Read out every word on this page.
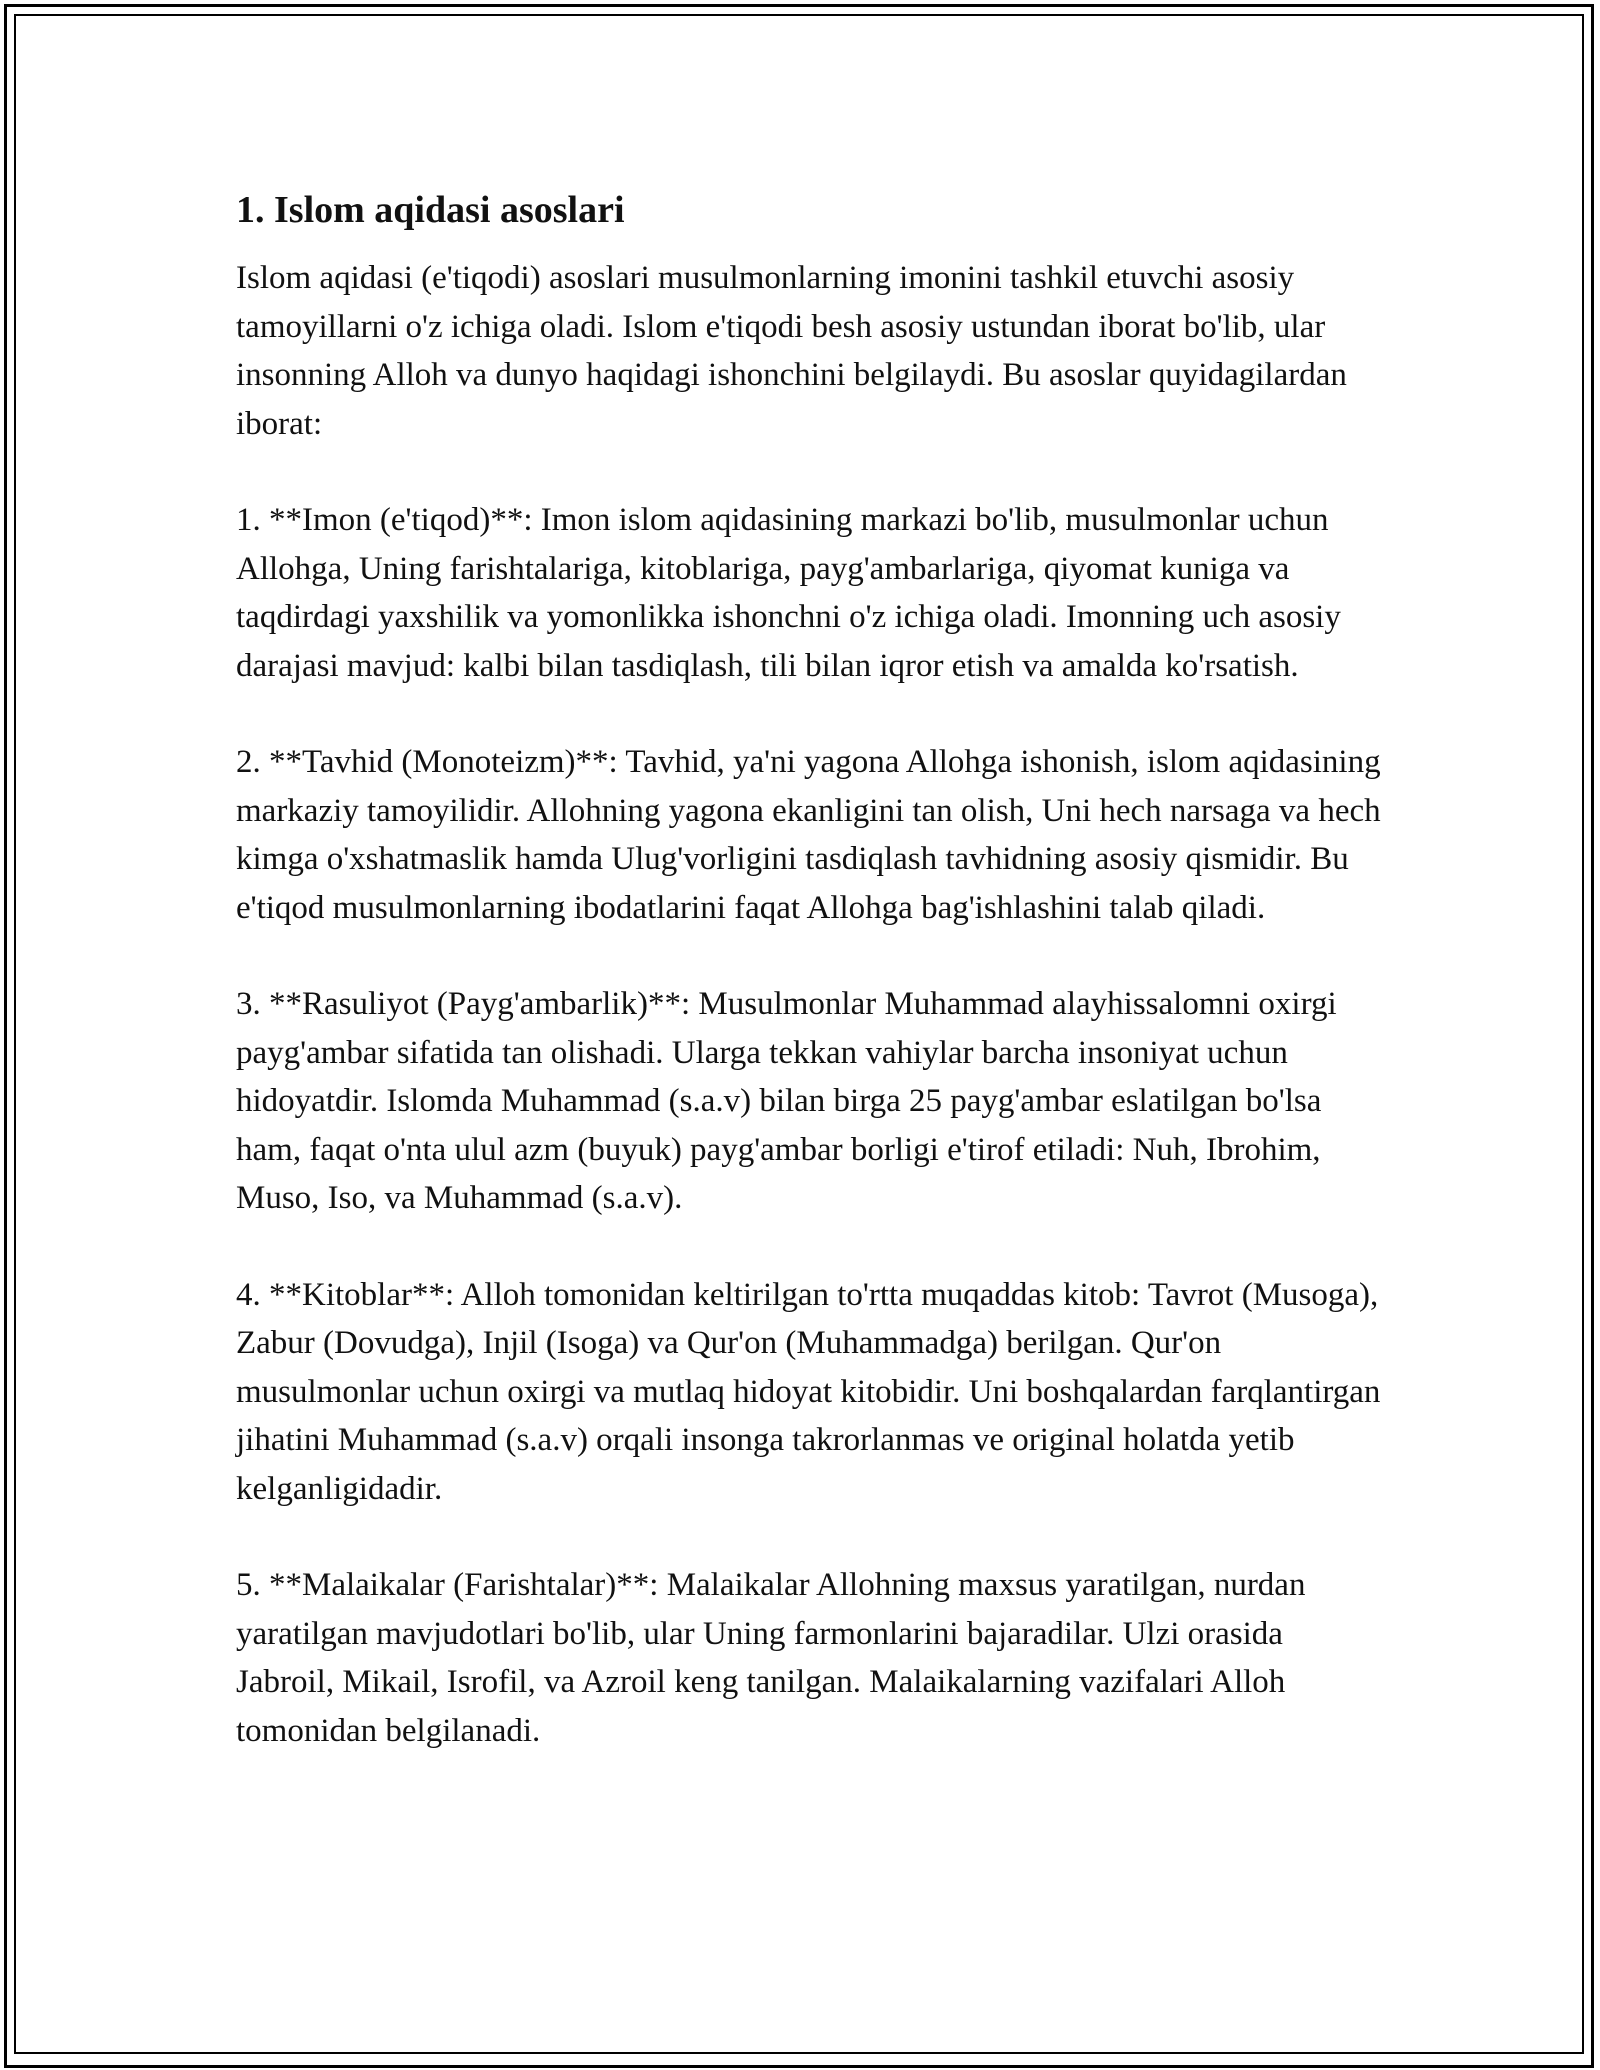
1. Islom aqidasi asoslari

Islom aqidasi (e'tiqodi) asoslari musulmonlarning imonini tashkil etuvchi asosiy tamoyillarni o'z ichiga oladi. Islom e'tiqodi besh asosiy ustundan iborat bo'lib, ular insonning Alloh va dunyo haqidagi ishonchini belgilaydi. Bu asoslar quyidagilardan iborat:

1. **Imon (e'tiqod)**: Imon islom aqidasining markazi bo'lib, musulmonlar uchun Allohga, Uning farishtalariga, kitoblariga, payg'ambarlariga, qiyomat kuniga va taqdirdagi yaxshilik va yomonlikka ishonchni o'z ichiga oladi. Imonning uch asosiy darajasi mavjud: kalbi bilan tasdiqlash, tili bilan iqror etish va amalda ko'rsatish.

2. **Tavhid (Monoteizm)**: Tavhid, ya'ni yagona Allohga ishonish, islom aqidasining markaziy tamoyilidir. Allohning yagona ekanligini tan olish, Uni hech narsaga va hech kimga o'xshatmaslik hamda Ulug'vorligini tasdiqlash tavhidning asosiy qismidir. Bu e'tiqod musulmonlarning ibodatlarini faqat Allohga bag'ishlashini talab qiladi.

3. **Rasuliyot (Payg'ambarlik)**: Musulmonlar Muhammad alayhissalomni oxirgi payg'ambar sifatida tan olishadi. Ularga tekkan vahiylar barcha insoniyat uchun hidoyatdir. Islomda Muhammad (s.a.v) bilan birga 25 payg'ambar eslatilgan bo'lsa ham, faqat o'nta ulul azm (buyuk) payg'ambar borligi e'tirof etiladi: Nuh, Ibrohim, Muso, Iso, va Muhammad (s.a.v).

4. **Kitoblar**: Alloh tomonidan keltirilgan to'rtta muqaddas kitob: Tavrot (Musoga), Zabur (Dovudga), Injil (Isoga) va Qur'on (Muhammadga) berilgan. Qur'on musulmonlar uchun oxirgi va mutlaq hidoyat kitobidir. Uni boshqalardan farqlantirgan jihatini Muhammad (s.a.v) orqali insonga takrorlanmas ve original holatda yetib kelganligidadir.

5. **Malaikalar (Farishtalar)**: Malaikalar Allohning maxsus yaratilgan, nurdan yaratilgan mavjudotlari bo'lib, ular Uning farmonlarini bajaradilar. Ulzi orasida Jabroil, Mikail, Isrofil, va Azroil keng tanilgan. Malaikalarning vazifalari Alloh tomonidan belgilanadi.
